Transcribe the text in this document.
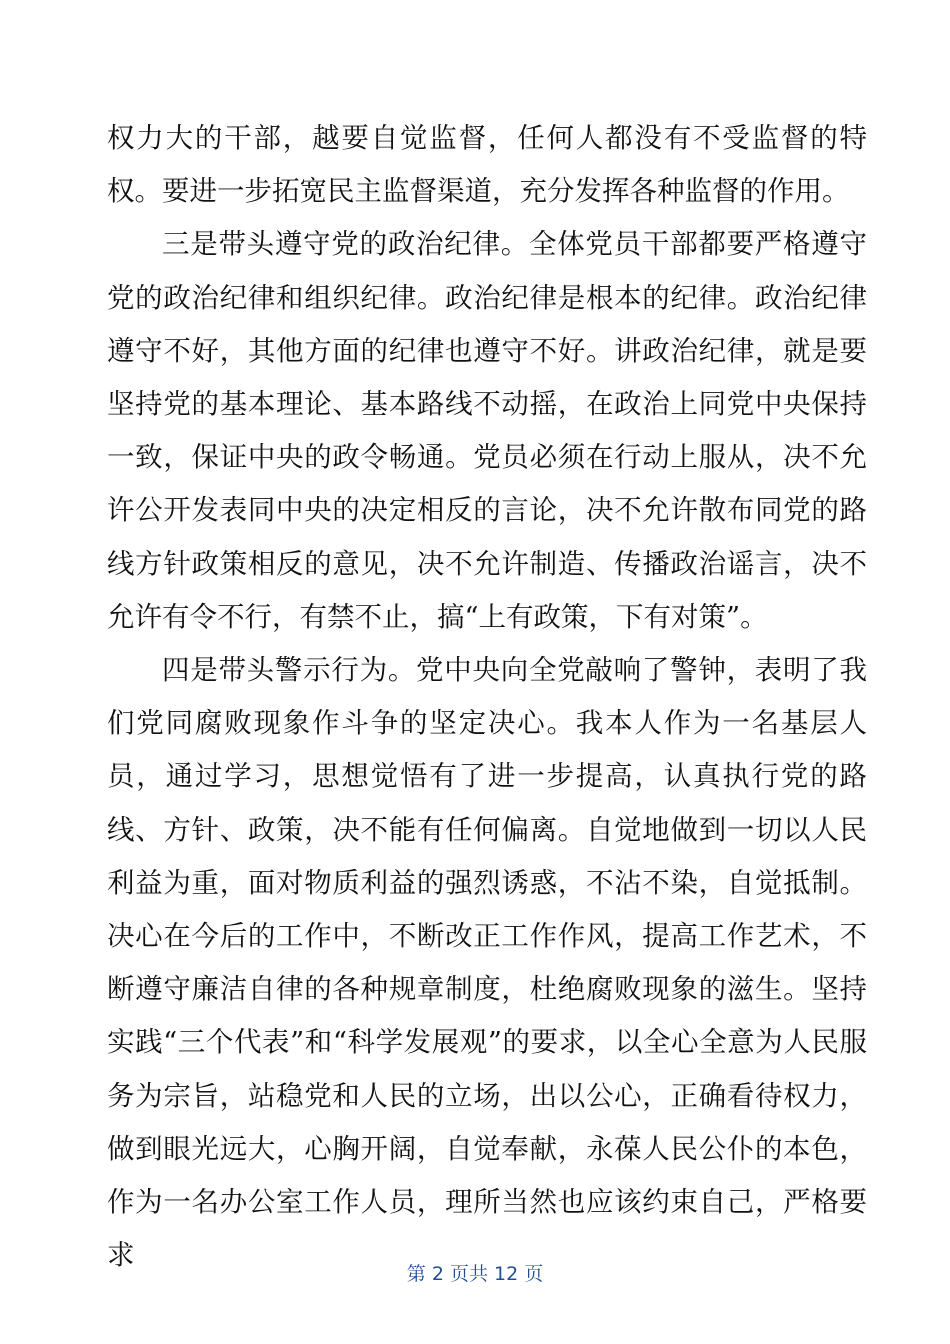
权力大的干部，越要自觉监督，任何人都没有不受监督的特权。要进一步拓宽民主监督渠道，充分发挥各种监督的作用。

三是带头遵守党的政治纪律。全体党员干部都要严格遵守党的政治纪律和组织纪律。政治纪律是根本的纪律。政治纪律遵守不好，其他方面的纪律也遵守不好。讲政治纪律，就是要坚持党的基本理论、基本路线不动摇，在政治上同党中央保持一致，保证中央的政令畅通。党员必须在行动上服从，决不允许公开发表同中央的决定相反的言论，决不允许散布同党的路线方针政策相反的意见，决不允许制造、传播政治谣言，决不允许有令不行，有禁不止，搞“上有政策，下有对策”。

四是带头警示行为。党中央向全党敲响了警钟，表明了我们党同腐败现象作斗争的坚定决心。我本人作为一名基层人员，通过学习，思想觉悟有了进一步提高，认真执行党的路线、方针、政策，决不能有任何偏离。自觉地做到一切以人民利益为重，面对物质利益的强烈诱惑，不沾不染，自觉抵制。决心在今后的工作中，不断改正工作作风，提高工作艺术，不断遵守廉洁自律的各种规章制度，杜绝腐败现象的滋生。坚持实践“三个代表”和“科学发展观”的要求，以全心全意为人民服务为宗旨，站稳党和人民的立场，出以公心，正确看待权力，做到眼光远大，心胸开阔，自觉奉献，永葆人民公仆的本色，作为一名办公室工作人员，理所当然也应该约束自己，严格要求

第 2 页共 12 页
